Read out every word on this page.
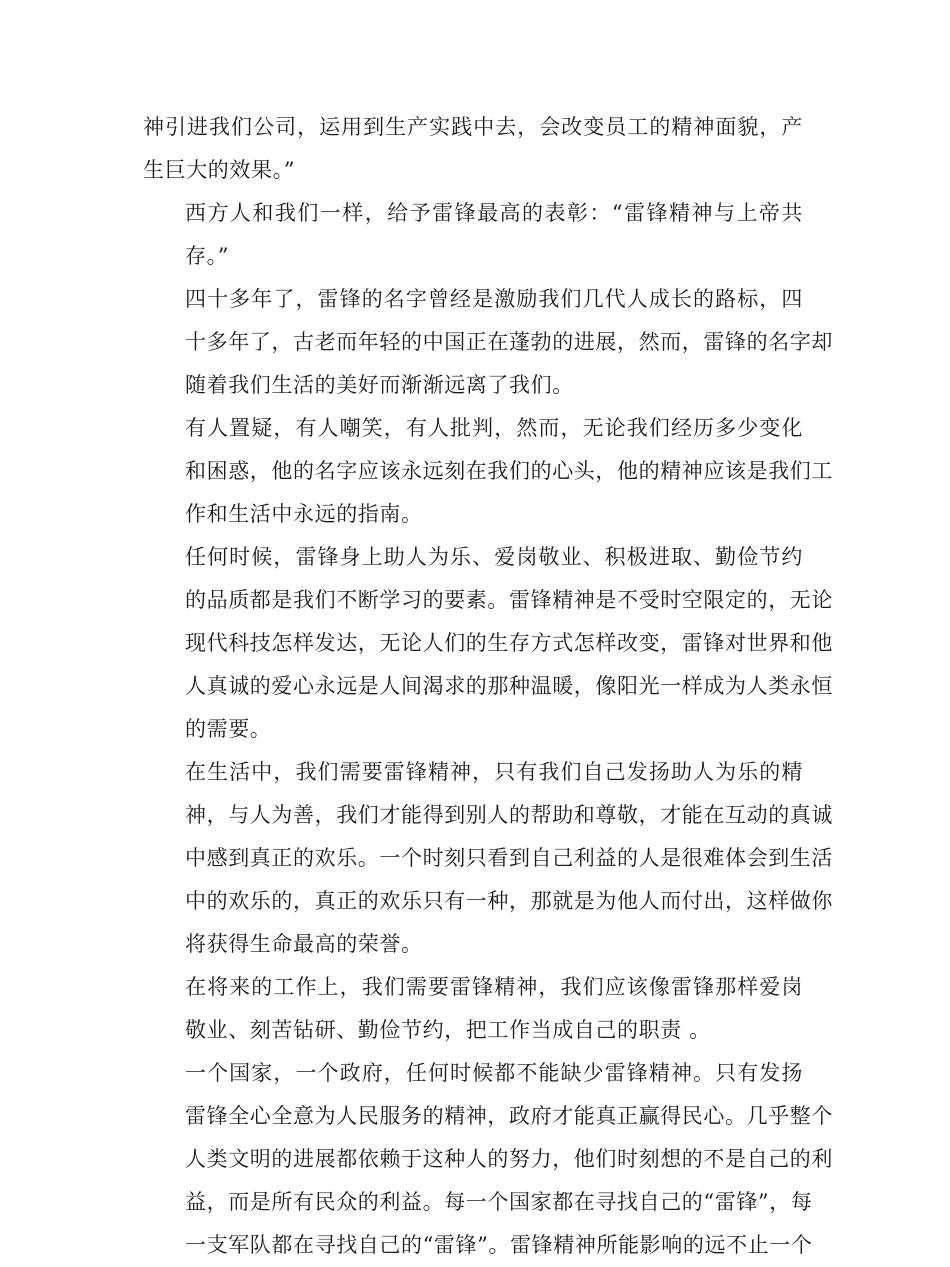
神引进我们公司，运用到生产实践中去，会改变员工的精神面貌，产
生巨大的效果。”

西方人和我们一样，给予雷锋最高的表彰：“雷锋精神与上帝共
存。”

四十多年了，雷锋的名字曾经是激励我们几代人成长的路标，四
十多年了，古老而年轻的中国正在蓬勃的进展，然而，雷锋的名字却
随着我们生活的美好而渐渐远离了我们。

有人置疑，有人嘲笑，有人批判，然而，无论我们经历多少变化
和困惑，他的名字应该永远刻在我们的心头，他的精神应该是我们工
作和生活中永远的指南。

任何时候，雷锋身上助人为乐、爱岗敬业、积极进取、勤俭节约
的品质都是我们不断学习的要素。雷锋精神是不受时空限定的，无论
现代科技怎样发达，无论人们的生存方式怎样改变，雷锋对世界和他
人真诚的爱心永远是人间渴求的那种温暖，像阳光一样成为人类永恒
的需要。

在生活中，我们需要雷锋精神，只有我们自己发扬助人为乐的精
神，与人为善，我们才能得到别人的帮助和尊敬，才能在互动的真诚
中感到真正的欢乐。一个时刻只看到自己利益的人是很难体会到生活
中的欢乐的，真正的欢乐只有一种，那就是为他人而付出，这样做你
将获得生命最高的荣誉。

在将来的工作上，我们需要雷锋精神，我们应该像雷锋那样爱岗
敬业、刻苦钻研、勤俭节约，把工作当成自己的职责 。

一个国家，一个政府，任何时候都不能缺少雷锋精神。只有发扬
雷锋全心全意为人民服务的精神，政府才能真正赢得民心。几乎整个
人类文明的进展都依赖于这种人的努力，他们时刻想的不是自己的利
益，而是所有民众的利益。每一个国家都在寻找自己的“雷锋”，每
一支军队都在寻找自己的“雷锋”。雷锋精神所能影响的远不止一个
